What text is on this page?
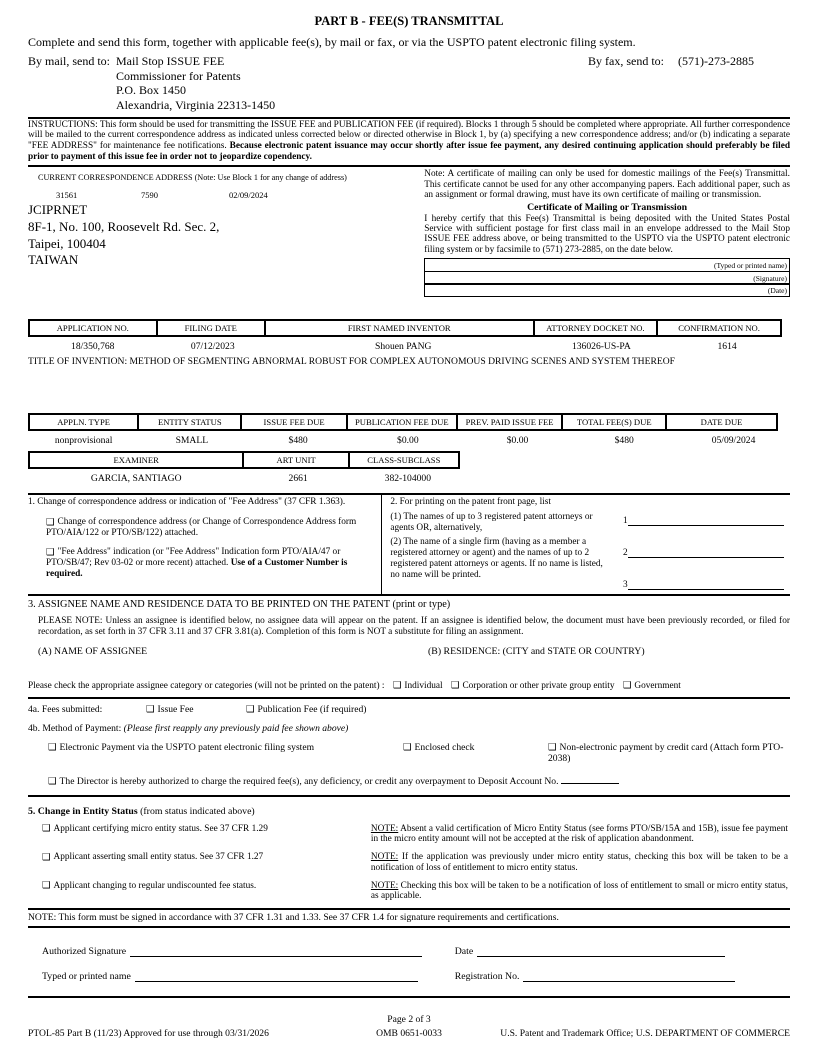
PART B - FEE(S) TRANSMITTAL
Complete and send this form, together with applicable fee(s), by mail or fax, or via the USPTO patent electronic filing system.
By mail, send to: Mail Stop ISSUE FEE
Commissioner for Patents
P.O. Box 1450
Alexandria, Virginia 22313-1450
By fax, send to: (571)-273-2885
INSTRUCTIONS: This form should be used for transmitting the ISSUE FEE and PUBLICATION FEE (if required). Blocks 1 through 5 should be completed where appropriate. All further correspondence will be mailed to the current correspondence address as indicated unless corrected below or directed otherwise in Block 1, by (a) specifying a new correspondence address; and/or (b) indicating a separate "FEE ADDRESS" for maintenance fee notifications. Because electronic patent issuance may occur shortly after issue fee payment, any desired continuing application should preferably be filed prior to payment of this issue fee in order not to jeopardize copendency.
CURRENT CORRESPONDENCE ADDRESS (Note: Use Block 1 for any change of address)
31561	7590	02/09/2024
JCIPRNET
8F-1, No. 100, Roosevelt Rd. Sec. 2,
Taipei, 100404
TAIWAN
Note: A certificate of mailing can only be used for domestic mailings of the Fee(s) Transmittal. This certificate cannot be used for any other accompanying papers. Each additional paper, such as an assignment or formal drawing, must have its own certificate of mailing or transmission.
Certificate of Mailing or Transmission
I hereby certify that this Fee(s) Transmittal is being deposited with the United States Postal Service with sufficient postage for first class mail in an envelope addressed to the Mail Stop ISSUE FEE address above, or being transmitted to the USPTO via the USPTO patent electronic filing system or by facsimile to (571) 273-2885, on the date below.
(Typed or printed name)
(Signature)
(Date)
APPLICATION NO.	FILING DATE	FIRST NAMED INVENTOR	ATTORNEY DOCKET NO.	CONFIRMATION NO.
18/350,768	07/12/2023	Shouen PANG	136026-US-PA	1614
TITLE OF INVENTION: METHOD OF SEGMENTING ABNORMAL ROBUST FOR COMPLEX AUTONOMOUS DRIVING SCENES AND SYSTEM THEREOF
APPLN. TYPE	ENTITY STATUS	ISSUE FEE DUE	PUBLICATION FEE DUE	PREV. PAID ISSUE FEE	TOTAL FEE(S) DUE	DATE DUE
nonprovisional	SMALL	$480	$0.00	$0.00	$480	05/09/2024
EXAMINER	ART UNIT	CLASS-SUBCLASS
GARCIA, SANTIAGO	2661	382-104000
1. Change of correspondence address or indication of "Fee Address" (37 CFR 1.363).
❑ Change of correspondence address (or Change of Correspondence Address form PTO/AIA/122 or PTO/SB/122) attached.
❑ "Fee Address" indication (or "Fee Address" Indication form PTO/AIA/47 or PTO/SB/47; Rev 03-02 or more recent) attached. Use of a Customer Number is required.
2. For printing on the patent front page, list

(1) The names of up to 3 registered patent attorneys or agents OR, alternatively,

(2) The name of a single firm (having as a member a registered attorney or agent) and the names of up to 2 registered patent attorneys or agents. If no name is listed, no name will be printed.

1
2
3
3. ASSIGNEE NAME AND RESIDENCE DATA TO BE PRINTED ON THE PATENT (print or type)
PLEASE NOTE: Unless an assignee is identified below, no assignee data will appear on the patent. If an assignee is identified below, the document must have been previously recorded, or filed for recordation, as set forth in 37 CFR 3.11 and 37 CFR 3.81(a). Completion of this form is NOT a substitute for filing an assignment.
(A) NAME OF ASSIGNEE	(B) RESIDENCE: (CITY and STATE OR COUNTRY)
Please check the appropriate assignee category or categories (will not be printed on the patent) : ❑ Individual ❑ Corporation or other private group entity ❑ Government
4a. Fees submitted:	❑ Issue Fee	❑ Publication Fee (if required)
4b. Method of Payment: (Please first reapply any previously paid fee shown above)
❑ Electronic Payment via the USPTO patent electronic filing system	❑ Enclosed check	❑ Non-electronic payment by credit card (Attach form PTO-2038)
❑ The Director is hereby authorized to charge the required fee(s), any deficiency, or credit any overpayment to Deposit Account No.
5. Change in Entity Status (from status indicated above)
❑ Applicant certifying micro entity status. See 37 CFR 1.29	NOTE: Absent a valid certification of Micro Entity Status (see forms PTO/SB/15A and 15B), issue fee payment in the micro entity amount will not be accepted at the risk of application abandonment.
❑ Applicant asserting small entity status. See 37 CFR 1.27	NOTE: If the application was previously under micro entity status, checking this box will be taken to be a notification of loss of entitlement to micro entity status.
❑ Applicant changing to regular undiscounted fee status.	NOTE: Checking this box will be taken to be a notification of loss of entitlement to small or micro entity status, as applicable.
NOTE: This form must be signed in accordance with 37 CFR 1.31 and 1.33. See 37 CFR 1.4 for signature requirements and certifications.
Authorized Signature	Date
Typed or printed name	Registration No.
Page 2 of 3
PTOL-85 Part B (11/23) Approved for use through 03/31/2026	OMB 0651-0033	U.S. Patent and Trademark Office; U.S. DEPARTMENT OF COMMERCE
